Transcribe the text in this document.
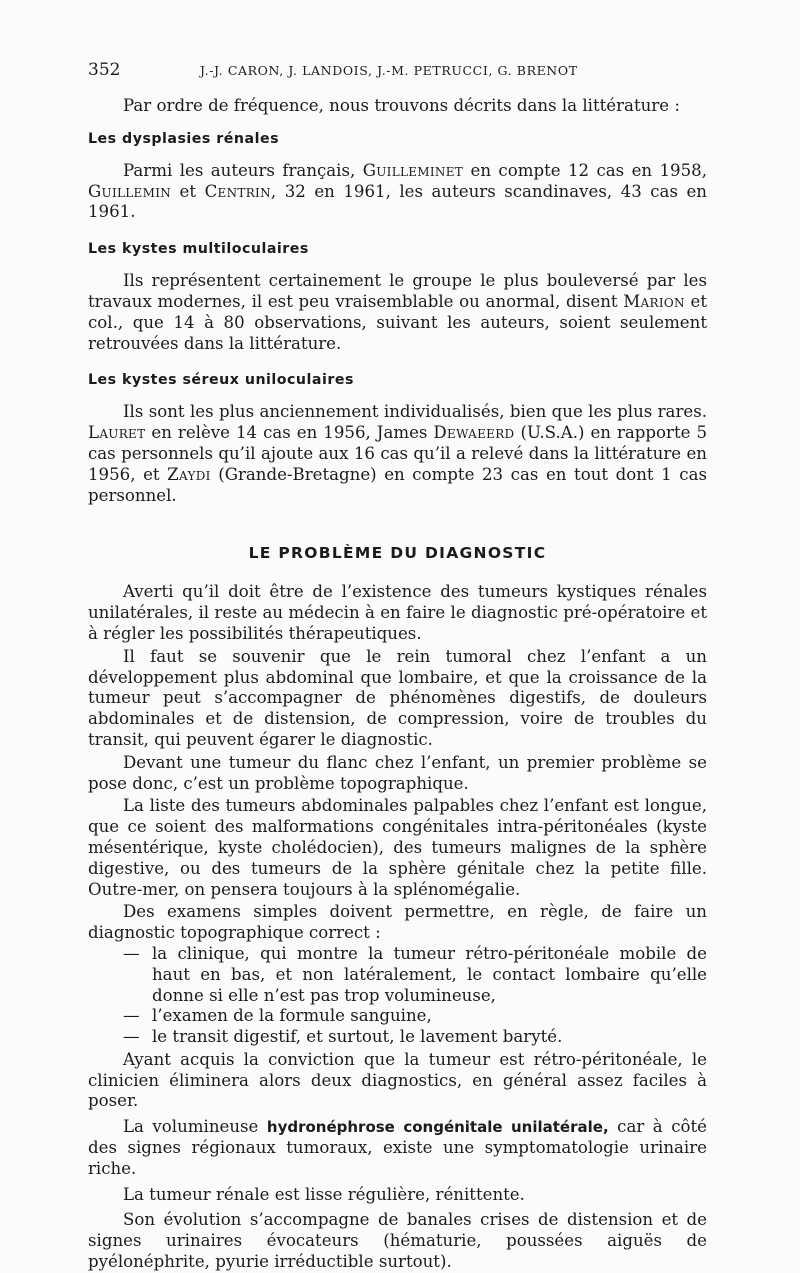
352	J.-J. CARON, J. LANDOIS, J.-M. PETRUCCI, G. BRENOT

Par ordre de fréquence, nous trouvons décrits dans la littérature :

Les dysplasies rénales

Parmi les auteurs français, Guilleminet en compte 12 cas en 1958, Guillemin et Centrin, 32 en 1961, les auteurs scandinaves, 43 cas en 1961.

Les kystes multiloculaires

Ils représentent certainement le groupe le plus bouleversé par les travaux modernes, il est peu vraisemblable ou anormal, disent Marion et col., que 14 à 80 observations, suivant les auteurs, soient seulement retrouvées dans la littérature.

Les kystes séreux uniloculaires

Ils sont les plus anciennement individualisés, bien que les plus rares. Lauret en relève 14 cas en 1956, James Dewaeerd (U.S.A.) en rapporte 5 cas personnels qu’il ajoute aux 16 cas qu’il a relevé dans la littérature en 1956, et Zaydi (Grande-Bretagne) en compte 23 cas en tout dont 1 cas personnel.

LE PROBLÈME DU DIAGNOSTIC

Averti qu’il doit être de l’existence des tumeurs kystiques rénales unilatérales, il reste au médecin à en faire le diagnostic pré-opératoire et à régler les possibilités thérapeutiques.

Il faut se souvenir que le rein tumoral chez l’enfant a un développement plus abdominal que lombaire, et que la croissance de la tumeur peut s’accompagner de phénomènes digestifs, de douleurs abdominales et de distension, de compression, voire de troubles du transit, qui peuvent égarer le diagnostic.

Devant une tumeur du flanc chez l’enfant, un premier problème se pose donc, c’est un problème topographique.

La liste des tumeurs abdominales palpables chez l’enfant est longue, que ce soient des malformations congénitales intra-péritonéales (kyste mésentérique, kyste cholédocien), des tumeurs malignes de la sphère digestive, ou des tumeurs de la sphère génitale chez la petite fille. Outre-mer, on pensera toujours à la splénomégalie.

Des examens simples doivent permettre, en règle, de faire un diagnostic topographique correct :

— la clinique, qui montre la tumeur rétro-péritonéale mobile de haut en bas, et non latéralement, le contact lombaire qu’elle donne si elle n’est pas trop volumineuse,
— l’examen de la formule sanguine,
— le transit digestif, et surtout, le lavement baryté.

Ayant acquis la conviction que la tumeur est rétro-péritonéale, le clinicien éliminera alors deux diagnostics, en général assez faciles à poser.

La volumineuse hydronéphrose congénitale unilatérale, car à côté des signes régionaux tumoraux, existe une symptomatologie urinaire riche.

La tumeur rénale est lisse régulière, rénittente.

Son évolution s’accompagne de banales crises de distension et de signes urinaires évocateurs (hématurie, poussées aiguës de pyélonéphrite, pyurie irréductible surtout).
